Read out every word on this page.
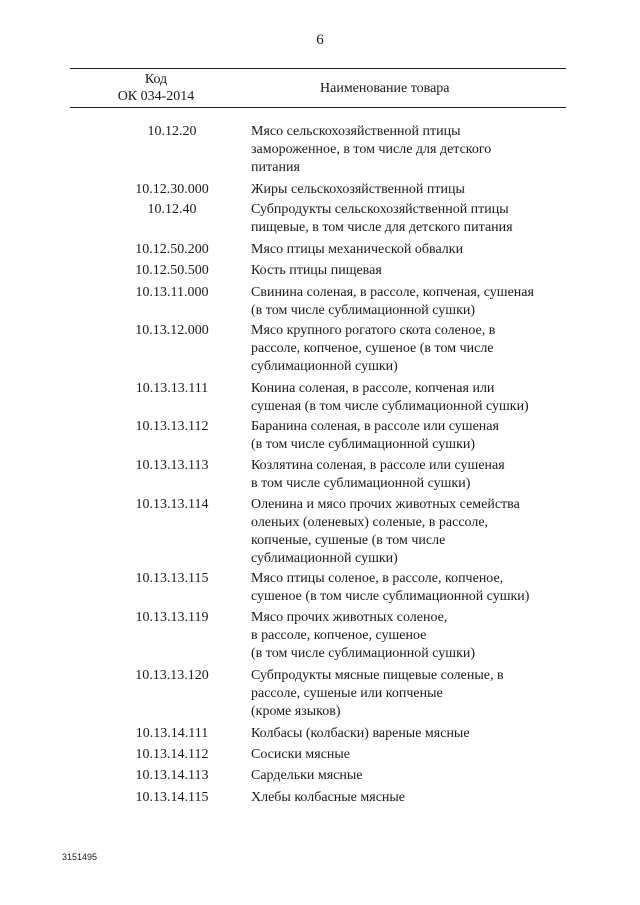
6
Код
ОК 034-2014
Наименование товара
10.12.20	Мясо сельскохозяйственной птицы
замороженное, в том числе для детского
питания
10.12.30.000	Жиры сельскохозяйственной птицы
10.12.40	Субпродукты сельскохозяйственной птицы
пищевые, в том числе для детского питания
10.12.50.200	Мясо птицы механической обвалки
10.12.50.500	Кость птицы пищевая
10.13.11.000	Свинина соленая, в рассоле, копченая, сушеная
(в том числе сублимационной сушки)
10.13.12.000	Мясо крупного рогатого скота соленое, в
рассоле, копченое, сушеное (в том числе
сублимационной сушки)
10.13.13.111	Конина соленая, в рассоле, копченая или
сушеная (в том числе сублимационной сушки)
10.13.13.112	Баранина соленая, в рассоле или сушеная
(в том числе сублимационной сушки)
10.13.13.113	Козлятина соленая, в рассоле или сушеная
в том числе сублимационной сушки)
10.13.13.114	Оленина и мясо прочих животных семейства
оленьих (оленевых) соленые, в рассоле,
копченые, сушеные (в том числе
сублимационной сушки)
10.13.13.115	Мясо птицы соленое, в рассоле, копченое,
сушеное (в том числе сублимационной сушки)
10.13.13.119	Мясо прочих животных соленое,
в рассоле, копченое, сушеное
(в том числе сублимационной сушки)
10.13.13.120	Субпродукты мясные пищевые соленые, в
рассоле, сушеные или копченые
(кроме языков)
10.13.14.111	Колбасы (колбаски) вареные мясные
10.13.14.112	Сосиски мясные
10.13.14.113	Сардельки мясные
10.13.14.115	Хлебы колбасные мясные
3151495
